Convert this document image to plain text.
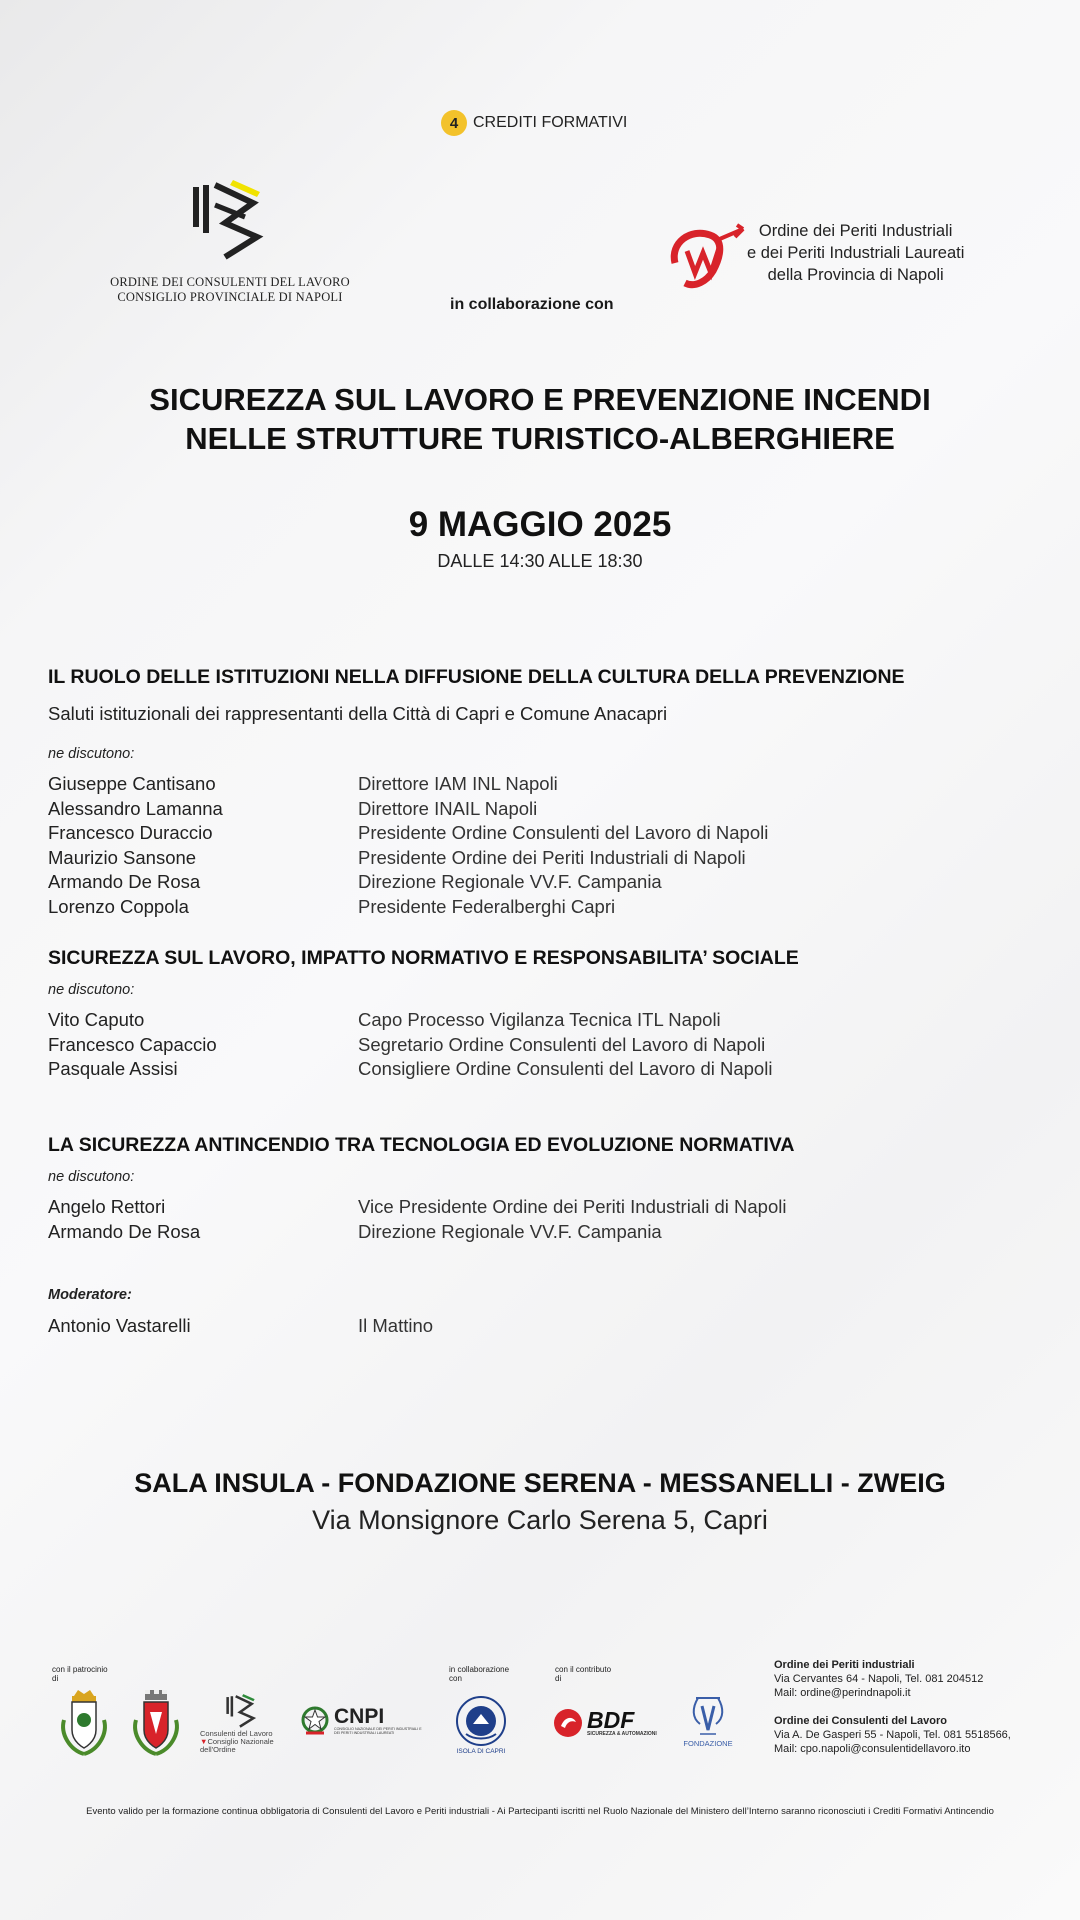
4 CREDITI FORMATIVI
ORDINE DEI CONSULENTI DEL LAVORO
CONSIGLIO PROVINCIALE DI NAPOLI	in collaborazione con
Ordine dei Periti Industriali
e dei Periti Industriali Laureati
della Provincia di Napoli
SICUREZZA SUL LAVORO E PREVENZIONE INCENDI
NELLE STRUTTURE TURISTICO-ALBERGHIERE
9 MAGGIO 2025
DALLE 14:30 ALLE 18:30
IL RUOLO DELLE ISTITUZIONI NELLA DIFFUSIONE DELLA CULTURA DELLA PREVENZIONE
Saluti istituzionali dei rappresentanti della Città di Capri e Comune Anacapri
ne discutono:
Giuseppe Cantisano	Direttore IAM INL Napoli
Alessandro Lamanna	Direttore INAIL Napoli
Francesco Duraccio	Presidente Ordine Consulenti del Lavoro di Napoli
Maurizio Sansone	Presidente Ordine dei Periti Industriali di Napoli
Armando De Rosa	Direzione Regionale VV.F. Campania
Lorenzo Coppola	Presidente Federalberghi Capri
SICUREZZA SUL LAVORO, IMPATTO NORMATIVO E RESPONSABILITA’ SOCIALE
ne discutono:
Vito Caputo	Capo Processo Vigilanza Tecnica ITL Napoli
Francesco Capaccio	Segretario Ordine Consulenti del Lavoro di Napoli
Pasquale Assisi	Consigliere Ordine Consulenti del Lavoro di Napoli
LA SICUREZZA ANTINCENDIO TRA TECNOLOGIA ED EVOLUZIONE NORMATIVA
ne discutono:
Angelo Rettori	Vice Presidente Ordine dei Periti Industriali di Napoli
Armando De Rosa	Direzione Regionale VV.F. Campania
Moderatore:
Antonio Vastarelli	Il Mattino
SALA INSULA - FONDAZIONE SERENA - MESSANELLI - ZWEIG
Via Monsignore Carlo Serena 5, Capri
con il patrocinio
di
Consulenti del Lavoro
▼Consiglio Nazionale
dell'Ordine
CNPI
CONSIGLIO NAZIONALE DEI PERITI INDUSTRIALI E DEI PERITI INDUSTRIALI LAUREATI
in collaborazione
con
ISOLA DI CAPRI
con il contributo
di
BDF
SICUREZZA & AUTOMAZIONI
FONDAZIONE
Ordine dei Periti industriali
Via Cervantes 64 - Napoli, Tel. 081 204512
Mail: ordine@perindnapoli.it
Ordine dei Consulenti del Lavoro
Via A. De Gasperi 55 - Napoli, Tel. 081 5518566,
Mail: cpo.napoli@consulentidellavoro.ito
Evento valido per la formazione continua obbligatoria di Consulenti del Lavoro e Periti industriali - Ai Partecipanti iscritti nel Ruolo Nazionale del Ministero dell’Interno saranno riconosciuti i Crediti Formativi Antincendio
